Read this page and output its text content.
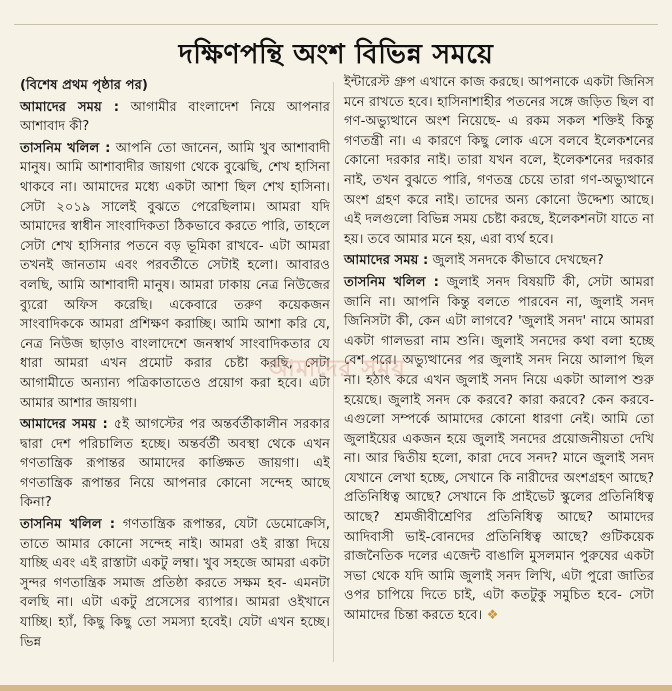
দক্ষিণপন্থি অংশ বিভিন্ন সময়ে

(বিশেষ প্রথম পৃষ্ঠার পর)

আমাদের সময় : আগামীর বাংলাদেশ নিয়ে আপনার আশাবাদ কী?

তাসনিম খলিল : আপনি তো জানেন, আমি খুব আশাবাদী মানুষ। আমি আশাবাদীর জায়গা থেকে বুঝেছি, শেখ হাসিনা থাকবে না। আমাদের মধ্যে একটা আশা ছিল শেখ হাসিনা। সেটা ২০১৯ সালেই বুঝতে পেরেছিলাম। আমরা যদি আমাদের স্বাধীন সাংবাদিকতা ঠিকভাবে করতে পারি, তাহলে সেটা শেখ হাসিনার পতনে বড় ভূমিকা রাখবে- এটা আমরা তখনই জানতাম এবং পরবর্তীতে সেটাই হলো। আবারও বলছি, আমি আশাবাদী মানুষ। আমরা ঢাকায় নেত্র নিউজের ব্যুরো অফিস করেছি। একেবারে তরুণ কয়েকজন সাংবাদিককে আমরা প্রশিক্ষণ করাচ্ছি। আমি আশা করি যে, নেত্র নিউজ ছাড়াও বাংলাদেশে জনস্বার্থ সাংবাদিকতার যে ধারা আমরা এখন প্রমোট করার চেষ্টা করছি, সেটা আগামীতে অন্যান্য পত্রিকাতাতেও প্রয়োগ করা হবে। এটা আমার আশার জায়গা।

আমাদের সময় : ৫ই আগস্টের পর অন্তর্বর্তীকালীন সরকার দ্বারা দেশ পরিচালিত হচ্ছে। অন্তর্বর্তী অবস্থা থেকে এখন গণতান্ত্রিক রূপান্তর আমাদের কাঙ্ক্ষিত জায়গা। এই গণতান্ত্রিক রূপান্তর নিয়ে আপনার কোনো সন্দেহ আছে কিনা?

তাসনিম খলিল : গণতান্ত্রিক রূপান্তর, যেটা ডেমোক্রেসি, তাতে আমার কোনো সন্দেহ নাই। আমরা ওই রাস্তা দিয়ে যাচ্ছি এবং এই রাস্তাটা একটু লম্বা। খুব সহজে আমরা একটা সুন্দর গণতান্ত্রিক সমাজ প্রতিষ্ঠা করতে সক্ষম হব- এমনটা বলছি না। এটা একটু প্রসেসের ব্যাপার। আমরা ওইখানে যাচ্ছি। হ্যাঁ, কিছু কিছু তো সমস্যা হবেই। যেটা এখন হচ্ছে। ভিন্ন

ইন্টারেস্ট গ্রুপ এখানে কাজ করছে। আপনাকে একটা জিনিস মনে রাখতে হবে। হাসিনাশাহীর পতনের সঙ্গে জড়িত ছিল বা গণ-অভ্যুত্থানে অংশ নিয়েছে- এ রকম সকল শক্তিই কিন্তু গণতন্ত্রী না। এ কারণে কিছু লোক এসে বলবে ইলেকশনের কোনো দরকার নাই। তারা যখন বলে, ইলেকশনের দরকার নাই, তখন বুঝতে পারি, গণতন্ত্র চেয়ে তারা গণ-অভ্যুত্থানে অংশ গ্রহণ করে নাই। তাদের অন্য কোনো উদ্দেশ্য আছে। এই দলগুলো বিভিন্ন সময় চেষ্টা করছে, ইলেকশনটা যাতে না হয়। তবে আমার মনে হয়, এরা ব্যর্থ হবে।

আমাদের সময় : জুলাই সনদকে কীভাবে দেখছেন?

তাসনিম খলিল : জুলাই সনদ বিষয়টি কী, সেটা আমরা জানি না। আপনি কিন্তু বলতে পারবেন না, জুলাই সনদ জিনিসটা কী, কেন এটা লাগবে? 'জুলাই সনদ' নামে আমরা একটা গালভরা নাম শুনি। জুলাই সনদের কথা বলা হচ্ছে বেশ পরে। অভ্যুত্থানের পর জুলাই সনদ নিয়ে আলাপ ছিল না। হঠাৎ করে এখন জুলাই সনদ নিয়ে একটা আলাপ শুরু হয়েছে। জুলাই সনদ কে করবে? কারা করবে? কেন করবে- এগুলো সম্পর্কে আমাদের কোনো ধারণা নেই। আমি তো জুলাইয়ের একজন হয়ে জুলাই সনদের প্রয়োজনীয়তা দেখি না। আর দ্বিতীয় হলো, কারা দেবে সনদ? মানে জুলাই সনদ যেখানে লেখা হচ্ছে, সেখানে কি নারীদের অংশগ্রহণ আছে? প্রতিনিধিত্ব আছে? সেখানে কি প্রাইভেট স্কুলের প্রতিনিধিত্ব আছে? শ্রমজীবীশ্রেণির প্রতিনিধিত্ব আছে? আমাদের আদিবাসী ভাই-বোনদের প্রতিনিধিত্ব আছে? গুটিকয়েক রাজনৈতিক দলের এজেন্ট বাঙালি মুসলমান পুরুষের একটা সভা থেকে যদি আমি জুলাই সনদ লিখি, এটা পুরো জাতির ওপর চাপিয়ে দিতে চাই, এটা কতটুকু সমুচিত হবে- সেটা আমাদের চিন্তা করতে হবে। ❖

আমাদের সময়
